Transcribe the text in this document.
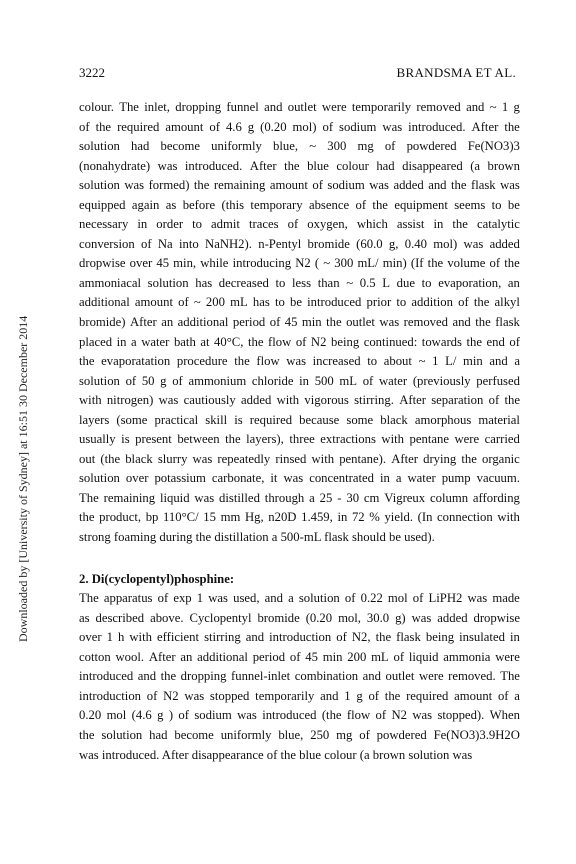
3222	BRANDSMA ET AL.
Downloaded by [University of Sydney] at 16:51 30 December 2014
colour. The inlet, dropping funnel and outlet were temporarily removed and ~ 1 g
of the required amount of 4.6 g (0.20 mol) of sodium was introduced. After the
solution had become uniformly blue, ~ 300 mg of powdered Fe(NO3)3
(nonahydrate) was introduced. After the blue colour had disappeared (a brown
solution was formed) the remaining amount of sodium was added and the flask was
equipped again as before (this temporary absence of the equipment seems to be
necessary in order to admit traces of oxygen, which assist in the catalytic
conversion of Na into NaNH2). n-Pentyl bromide (60.0 g, 0.40 mol) was added
dropwise over 45 min, while introducing N2 ( ~ 300 mL/ min) (If the volume of the
ammoniacal solution has decreased to less than ~ 0.5 L due to evaporation, an
additional amount of ~ 200 mL has to be introduced prior to addition of the alkyl
bromide) After an additional period of 45 min the outlet was removed and the flask
placed in a water bath at 40°C, the flow of N2 being continued: towards the end of
the evaporatation procedure the flow was increased to about ~ 1 L/ min and a
solution of 50 g of ammonium chloride in 500 mL of water (previously perfused
with nitrogen) was cautiously added with vigorous stirring. After separation of the
layers (some practical skill is required because some black amorphous material
usually is present between the layers), three extractions with pentane were carried
out (the black slurry was repeatedly rinsed with pentane). After drying the organic
solution over potassium carbonate, it was concentrated in a water pump vacuum.
The remaining liquid was distilled through a 25 - 30 cm Vigreux column affording
the product, bp 110°C/ 15 mm Hg, n20D 1.459, in 72 % yield. (In connection with
strong foaming during the distillation a 500-mL flask should be used).
2. Di(cyclopentyl)phosphine:
The apparatus of exp 1 was used, and a solution of 0.22 mol of LiPH2 was made
as described above. Cyclopentyl bromide (0.20 mol, 30.0 g) was added dropwise
over 1 h with efficient stirring and introduction of N2, the flask being insulated in
cotton wool. After an additional period of 45 min 200 mL of liquid ammonia were
introduced and the dropping funnel-inlet combination and outlet were removed. The
introduction of N2 was stopped temporarily and 1 g of the required amount of a
0.20 mol (4.6 g ) of sodium was introduced (the flow of N2 was stopped). When
the solution had become uniformly blue, 250 mg of powdered Fe(NO3)3.9H2O
was introduced. After disappearance of the blue colour (a brown solution was
